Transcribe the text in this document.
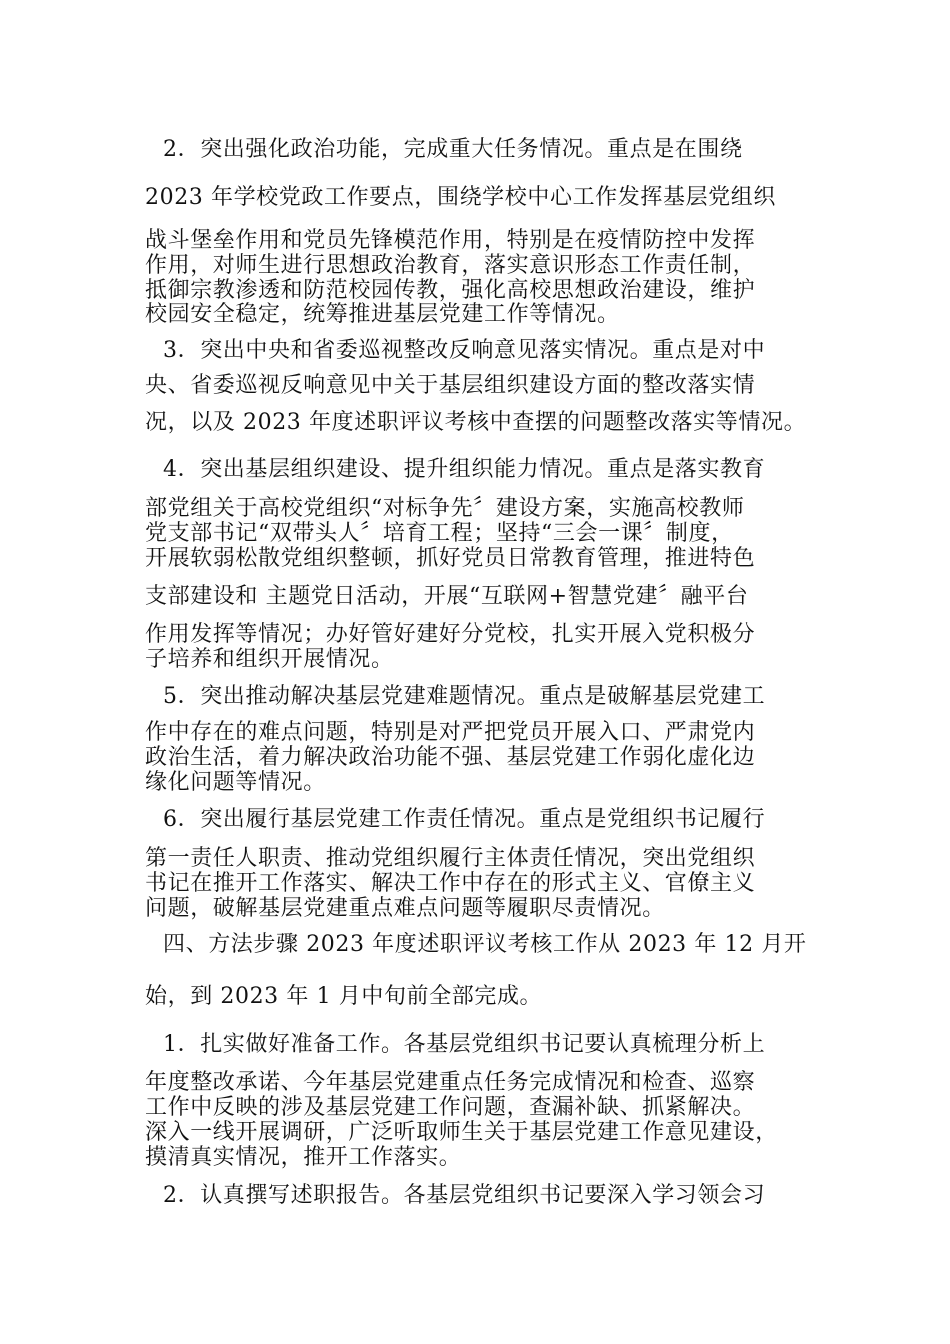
2．突出强化政治功能，完成重大任务情况。重点是在围绕
2023 年学校党政工作要点，围绕学校中心工作发挥基层党组织
战斗堡垒作用和党员先锋模范作用，特别是在疫情防控中发挥
作用，对师生进行思想政治教育，落实意识形态工作责任制，
抵御宗教渗透和防范校园传教，强化高校思想政治建设，维护
校园安全稳定，统筹推进基层党建工作等情况。
3．突出中央和省委巡视整改反响意见落实情况。重点是对中
央、省委巡视反响意见中关于基层组织建设方面的整改落实情
况，以及 2023 年度述职评议考核中查摆的问题整改落实等情况。
4．突出基层组织建设、提升组织能力情况。重点是落实教育
部党组关于高校党组织“对标争先〞建设方案，实施高校教师
党支部书记“双带头人〞培育工程；坚持“三会一课〞制度，
开展软弱松散党组织整顿，抓好党员日常教育管理，推进特色
支部建设和 主题党日活动，开展“互联网+智慧党建〞融平台
作用发挥等情况；办好管好建好分党校，扎实开展入党积极分
子培养和组织开展情况。
5．突出推动解决基层党建难题情况。重点是破解基层党建工
作中存在的难点问题，特别是对严把党员开展入口、严肃党内
政治生活，着力解决政治功能不强、基层党建工作弱化虚化边
缘化问题等情况。
6．突出履行基层党建工作责任情况。重点是党组织书记履行
第一责任人职责、推动党组织履行主体责任情况，突出党组织
书记在推开工作落实、解决工作中存在的形式主义、官僚主义
问题，破解基层党建重点难点问题等履职尽责情况。
四、方法步骤 2023 年度述职评议考核工作从 2023 年 12 月开
始，到 2023 年 1 月中旬前全部完成。
1．扎实做好准备工作。各基层党组织书记要认真梳理分析上
年度整改承诺、今年基层党建重点任务完成情况和检查、巡察
工作中反映的涉及基层党建工作问题，查漏补缺、抓紧解决。
深入一线开展调研，广泛听取师生关于基层党建工作意见建设，
摸清真实情况，推开工作落实。
2．认真撰写述职报告。各基层党组织书记要深入学习领会习
